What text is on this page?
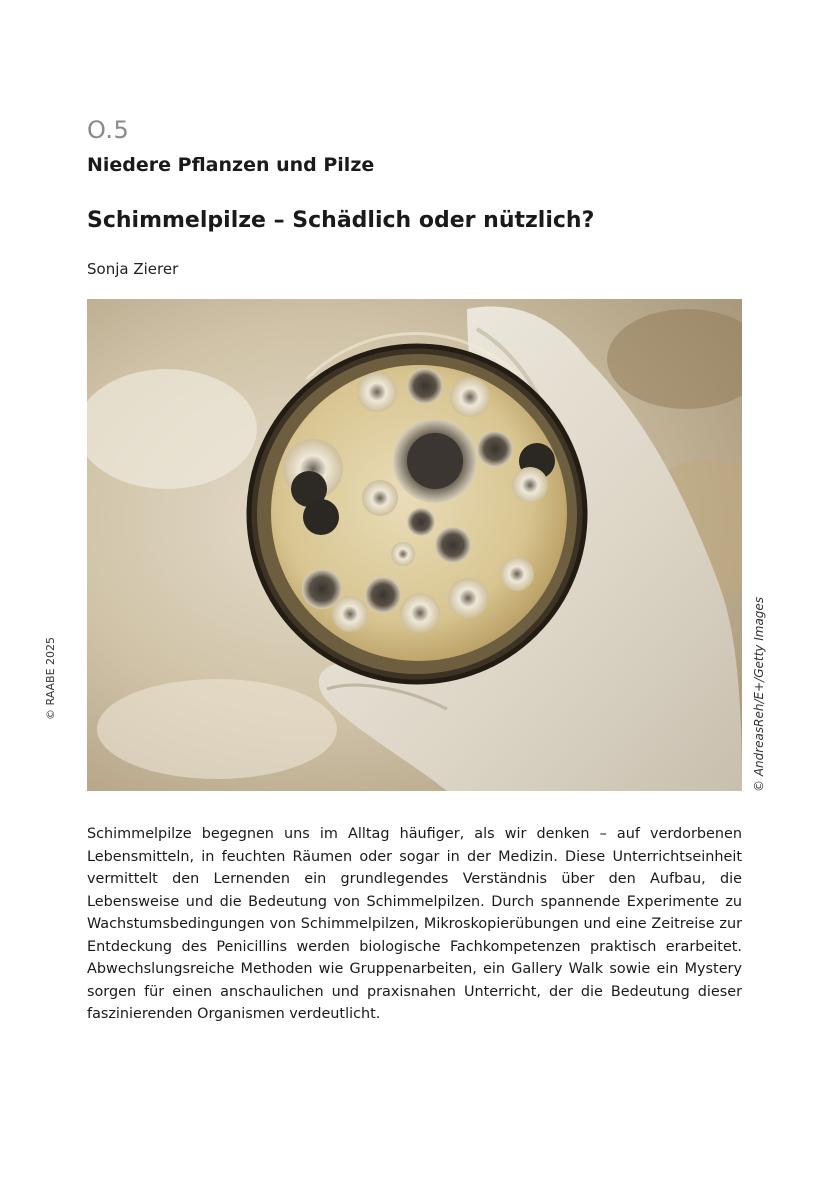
O.5
Niedere Pflanzen und Pilze
Schimmelpilze – Schädlich oder nützlich?
Sonja Zierer
© RAABE 2025	© AndreasReh/E+/Getty Images

Schimmelpilze begegnen uns im Alltag häufiger, als wir denken – auf verdorbenen Lebensmitteln, in feuchten Räumen oder sogar in der Medizin. Diese Unterrichtseinheit vermittelt den Lernenden ein grundlegendes Verständnis über den Aufbau, die Lebensweise und die Bedeutung von Schimmelpilzen. Durch spannende Experimente zu Wachstumsbedingungen von Schimmelpilzen, Mikroskopierübungen und eine Zeitreise zur Entdeckung des Penicillins werden biologische Fachkompetenzen praktisch erarbeitet. Abwechslungsreiche Methoden wie Gruppenarbeiten, ein Gallery Walk sowie ein Mystery sorgen für einen anschaulichen und praxisnahen Unterricht, der die Bedeutung dieser faszinierenden Organismen verdeutlicht.
